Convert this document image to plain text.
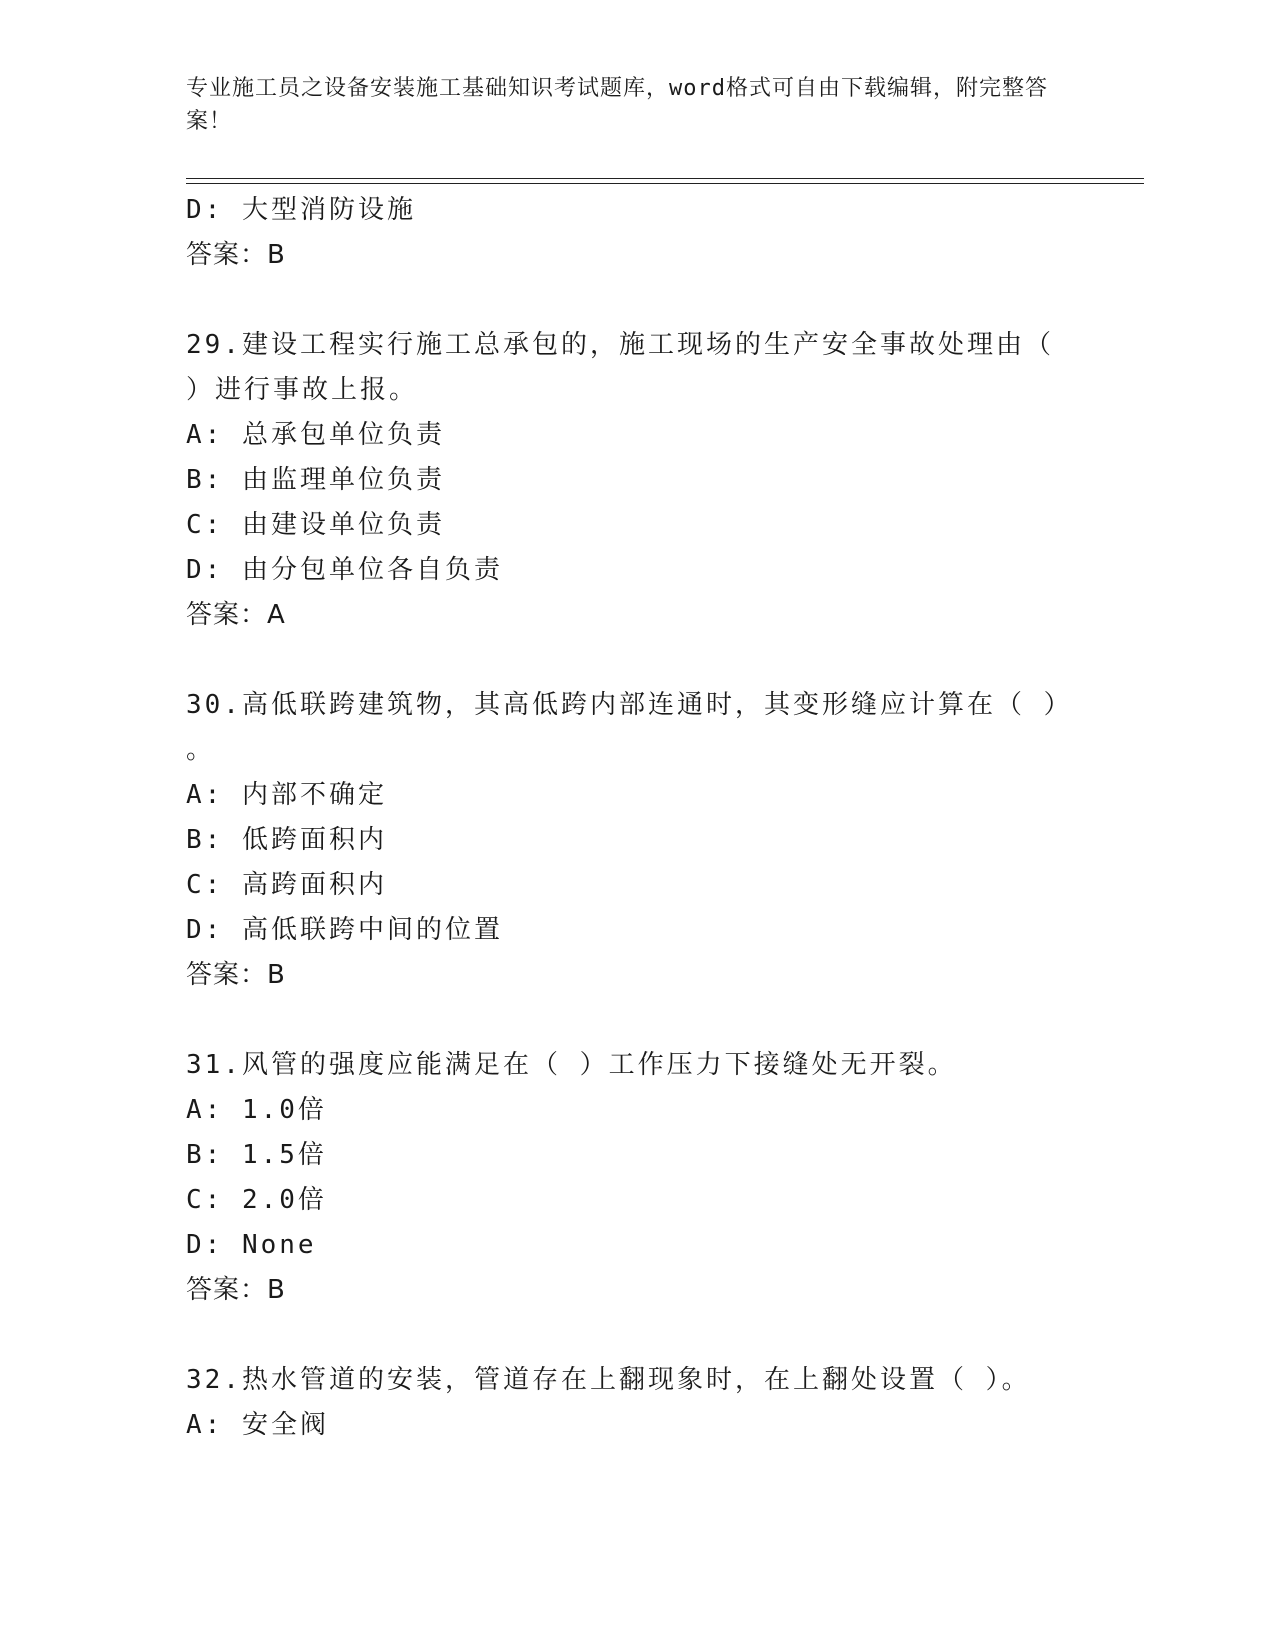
专业施工员之设备安装施工基础知识考试题库，word格式可自由下载编辑，附完整答案！
D: 大型消防设施
答案：B
29.建设工程实行施工总承包的，施工现场的生产安全事故处理由（
）进行事故上报。
A: 总承包单位负责
B: 由监理单位负责
C: 由建设单位负责
D: 由分包单位各自负责
答案：A
30.高低联跨建筑物，其高低跨内部连通时，其变形缝应计算在（ ）
。
A: 内部不确定
B: 低跨面积内
C: 高跨面积内
D: 高低联跨中间的位置
答案：B
31.风管的强度应能满足在（ ）工作压力下接缝处无开裂。
A: 1.0倍
B: 1.5倍
C: 2.0倍
D: None
答案：B
32.热水管道的安装，管道存在上翻现象时，在上翻处设置（ ）。
A: 安全阀
